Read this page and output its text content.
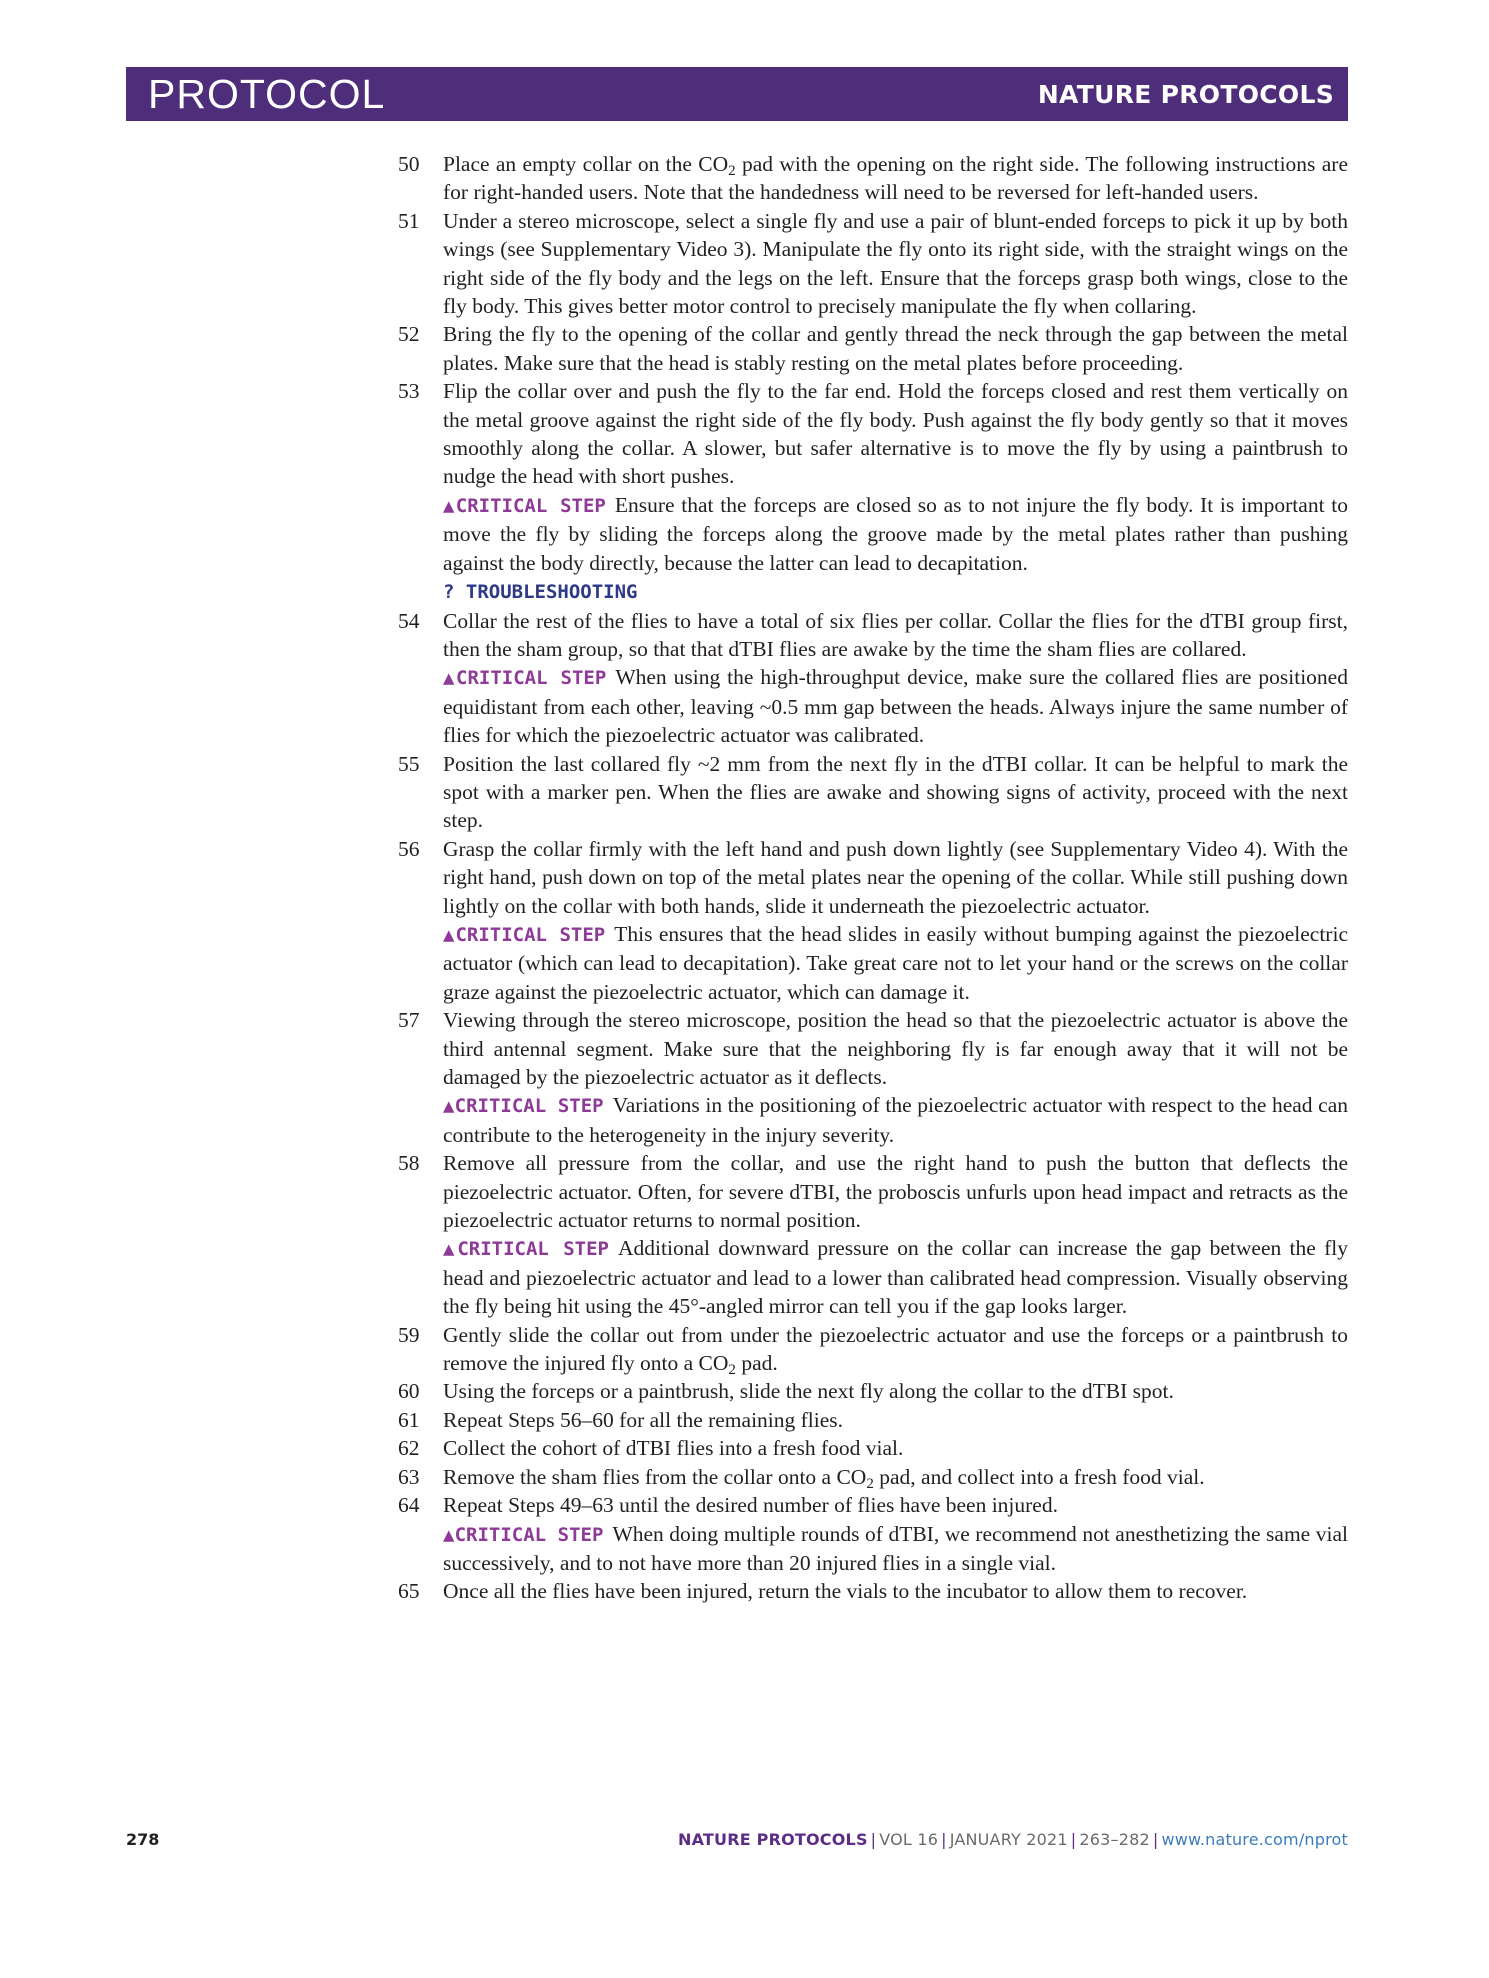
PROTOCOL	NATURE PROTOCOLS
50	Place an empty collar on the $CO_2$ pad with the opening on the right side. The following instructions are for right-handed users. Note that the handedness will need to be reversed for left-handed users.

51	Under a stereo microscope, select a single fly and use a pair of blunt-ended forceps to pick it up by both wings (see Supplementary Video 3). Manipulate the fly onto its right side, with the straight wings on the right side of the fly body and the legs on the left. Ensure that the forceps grasp both wings, close to the fly body. This gives better motor control to precisely manipulate the fly when collaring.

52	Bring the fly to the opening of the collar and gently thread the neck through the gap between the metal plates. Make sure that the head is stably resting on the metal plates before proceeding.

53	Flip the collar over and push the fly to the far end. Hold the forceps closed and rest them vertically on the metal groove against the right side of the fly body. Push against the fly body gently so that it moves smoothly along the collar. A slower, but safer alternative is to move the fly by using a paintbrush to nudge the head with short pushes.

▲CRITICAL STEP Ensure that the forceps are closed so as to not injure the fly body. It is important to move the fly by sliding the forceps along the groove made by the metal plates rather than pushing against the body directly, because the latter can lead to decapitation.

? TROUBLESHOOTING

54	Collar the rest of the flies to have a total of six flies per collar. Collar the flies for the dTBI group first, then the sham group, so that that dTBI flies are awake by the time the sham flies are collared.

▲CRITICAL STEP When using the high-throughput device, make sure the collared flies are positioned equidistant from each other, leaving ~0.5 mm gap between the heads. Always injure the same number of flies for which the piezoelectric actuator was calibrated.

55	Position the last collared fly ~2 mm from the next fly in the dTBI collar. It can be helpful to mark the spot with a marker pen. When the flies are awake and showing signs of activity, proceed with the next step.

56	Grasp the collar firmly with the left hand and push down lightly (see Supplementary Video 4). With the right hand, push down on top of the metal plates near the opening of the collar. While still pushing down lightly on the collar with both hands, slide it underneath the piezoelectric actuator.

▲CRITICAL STEP This ensures that the head slides in easily without bumping against the piezoelectric actuator (which can lead to decapitation). Take great care not to let your hand or the screws on the collar graze against the piezoelectric actuator, which can damage it.

57	Viewing through the stereo microscope, position the head so that the piezoelectric actuator is above the third antennal segment. Make sure that the neighboring fly is far enough away that it will not be damaged by the piezoelectric actuator as it deflects.

▲CRITICAL STEP Variations in the positioning of the piezoelectric actuator with respect to the head can contribute to the heterogeneity in the injury severity.

58	Remove all pressure from the collar, and use the right hand to push the button that deflects the piezoelectric actuator. Often, for severe dTBI, the proboscis unfurls upon head impact and retracts as the piezoelectric actuator returns to normal position.

▲CRITICAL STEP Additional downward pressure on the collar can increase the gap between the fly head and piezoelectric actuator and lead to a lower than calibrated head compression. Visually observing the fly being hit using the 45°-angled mirror can tell you if the gap looks larger.

59	Gently slide the collar out from under the piezoelectric actuator and use the forceps or a paintbrush to remove the injured fly onto a $CO_2$ pad.

60	Using the forceps or a paintbrush, slide the next fly along the collar to the dTBI spot.

61	Repeat Steps 56–60 for all the remaining flies.

62	Collect the cohort of dTBI flies into a fresh food vial.

63	Remove the sham flies from the collar onto a $CO_2$ pad, and collect into a fresh food vial.

64	Repeat Steps 49–63 until the desired number of flies have been injured.

▲CRITICAL STEP When doing multiple rounds of dTBI, we recommend not anesthetizing the same vial successively, and to not have more than 20 injured flies in a single vial.

65	Once all the flies have been injured, return the vials to the incubator to allow them to recover.

278	NATURE PROTOCOLS | VOL 16 | JANUARY 2021 | 263–282 | www.nature.com/nprot
